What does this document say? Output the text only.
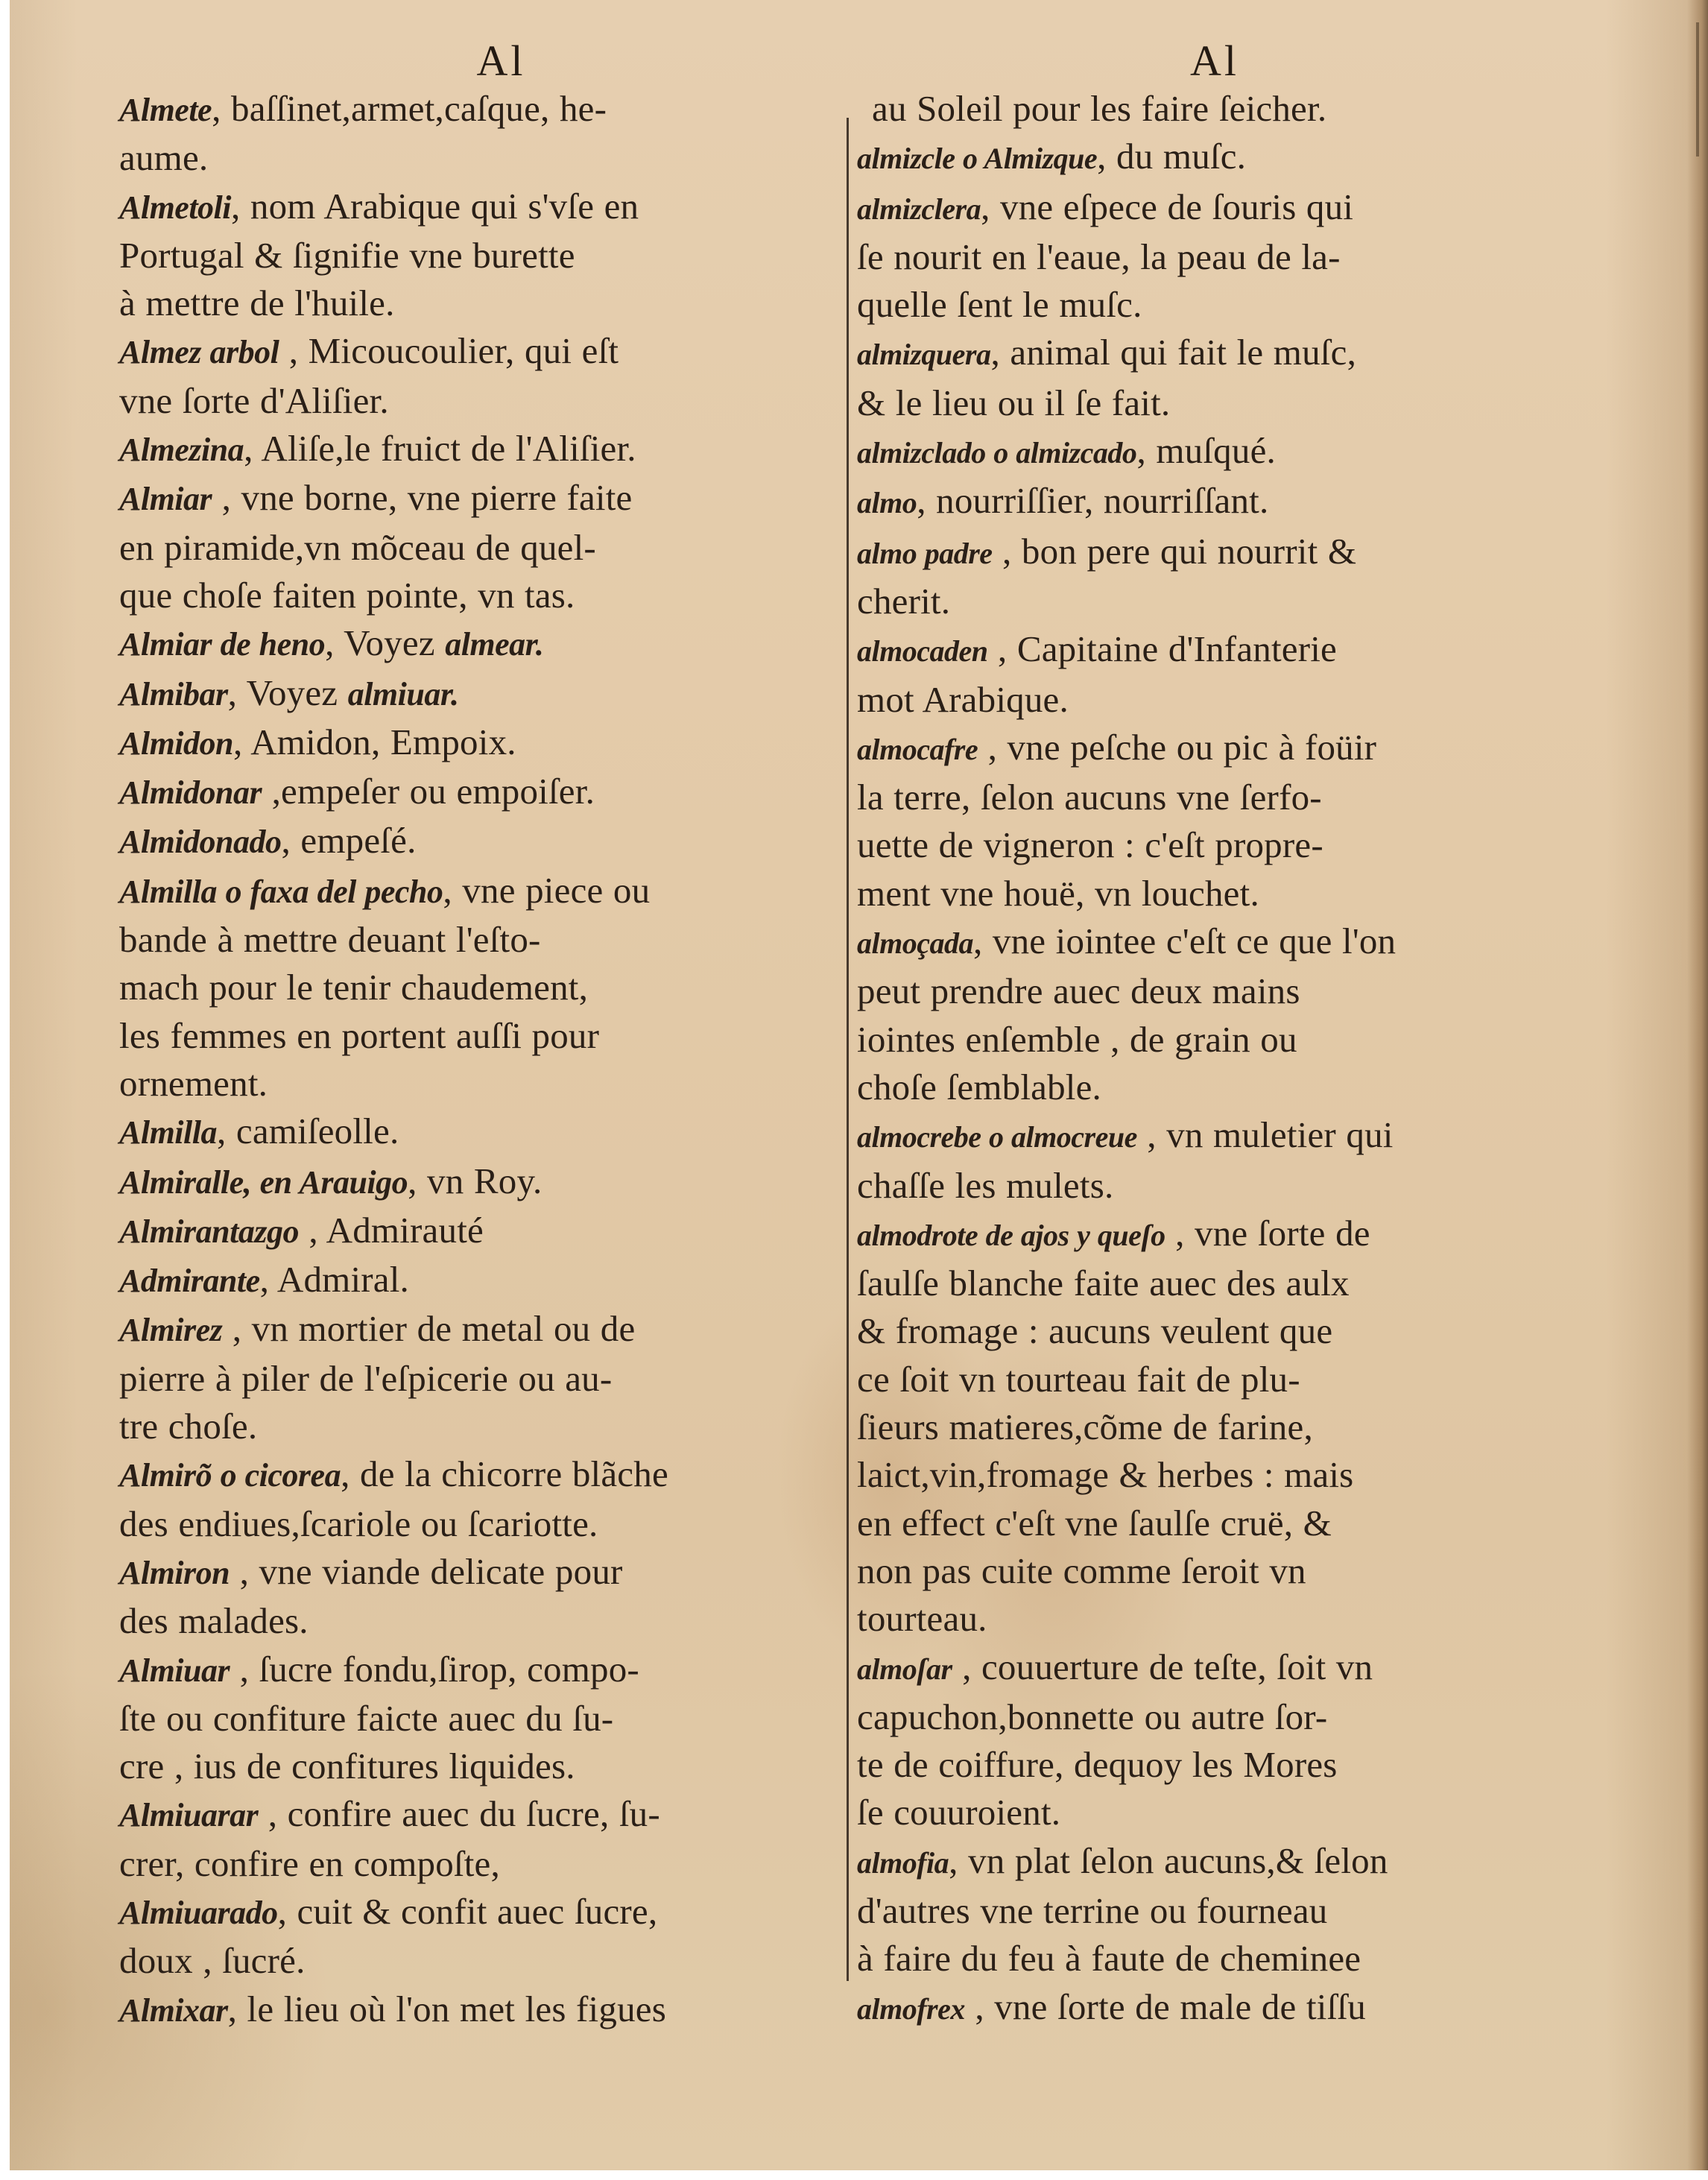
Al
Almete, baſſinet,armet,caſque, he-
aume.
Almetoli, nom Arabique qui s'vſe en
Portugal & ſignifie vne burette
à mettre de l'huile.
Almez arbol , Micoucoulier, qui eſt
vne ſorte d'Aliſier.
Almezina, Aliſe,le fruict de l'Aliſier.
Almiar , vne borne, vne pierre faite
en piramide,vn mõceau de quel-
que choſe faiten pointe, vn tas.
Almiar de heno, Voyez almear.
Almibar, Voyez almiuar.
Almidon, Amidon, Empoix.
Almidonar ,empeſer ou empoiſer.
Almidonado, empeſé.
Almilla o faxa del pecho, vne piece ou
bande à mettre deuant l'eſto-
mach pour le tenir chaudement,
les femmes en portent auſſi pour
ornement.
Almilla, camiſeolle.
Almiralle, en Arauigo, vn Roy.
Almirantazgo , Admirauté
Admirante, Admiral.
Almirez , vn mortier de metal ou de
pierre à piler de l'eſpicerie ou au-
tre choſe.
Almirõ o cicorea, de la chicorre blãche
des endiues,ſcariole ou ſcariotte.
Almiron , vne viande delicate pour
des malades.
Almiuar , ſucre fondu,ſirop, compo-
ſte ou confiture faicte auec du ſu-
cre , ius de confitures liquides.
Almiuarar , confire auec du ſucre, ſu-
crer, confire en compoſte,
Almiuarado, cuit & confit auec ſucre,
doux , ſucré.
Almixar, le lieu où l'on met les figues
Al
au Soleil pour les faire ſeicher.
almizcle o Almizque, du muſc.
almizclera, vne eſpece de ſouris qui
ſe nourit en l'eaue, la peau de la-
quelle ſent le muſc.
almizquera, animal qui fait le muſc,
& le lieu ou il ſe fait.
almizclado o almizcado, muſqué.
almo, nourriſſier, nourriſſant.
almo padre , bon pere qui nourrit &
cherit.
almocaden , Capitaine d'Infanterie
mot Arabique.
almocafre , vne peſche ou pic à foüir
la terre, ſelon aucuns vne ſerfo-
uette de vigneron : c'eſt propre-
ment vne houë, vn louchet.
almoçada, vne iointee c'eſt ce que l'on
peut prendre auec deux mains
iointes enſemble , de grain ou
choſe ſemblable.
almocrebe o almocreue , vn muletier qui
chaſſe les mulets.
almodrote de ajos y queſo , vne ſorte de
ſaulſe blanche faite auec des aulx
& fromage : aucuns veulent que
ce ſoit vn tourteau fait de plu-
ſieurs matieres,cõme de farine,
laict,vin,fromage & herbes : mais
en effect c'eſt vne ſaulſe cruë, &
non pas cuite comme ſeroit vn
tourteau.
almoſar , couuerture de teſte, ſoit vn
capuchon,bonnette ou autre ſor-
te de coiffure, dequoy les Mores
ſe couuroient.
almofia, vn plat ſelon aucuns,& ſelon
d'autres vne terrine ou fourneau
à faire du feu à faute de cheminee
almofrex , vne ſorte de male de tiſſu
